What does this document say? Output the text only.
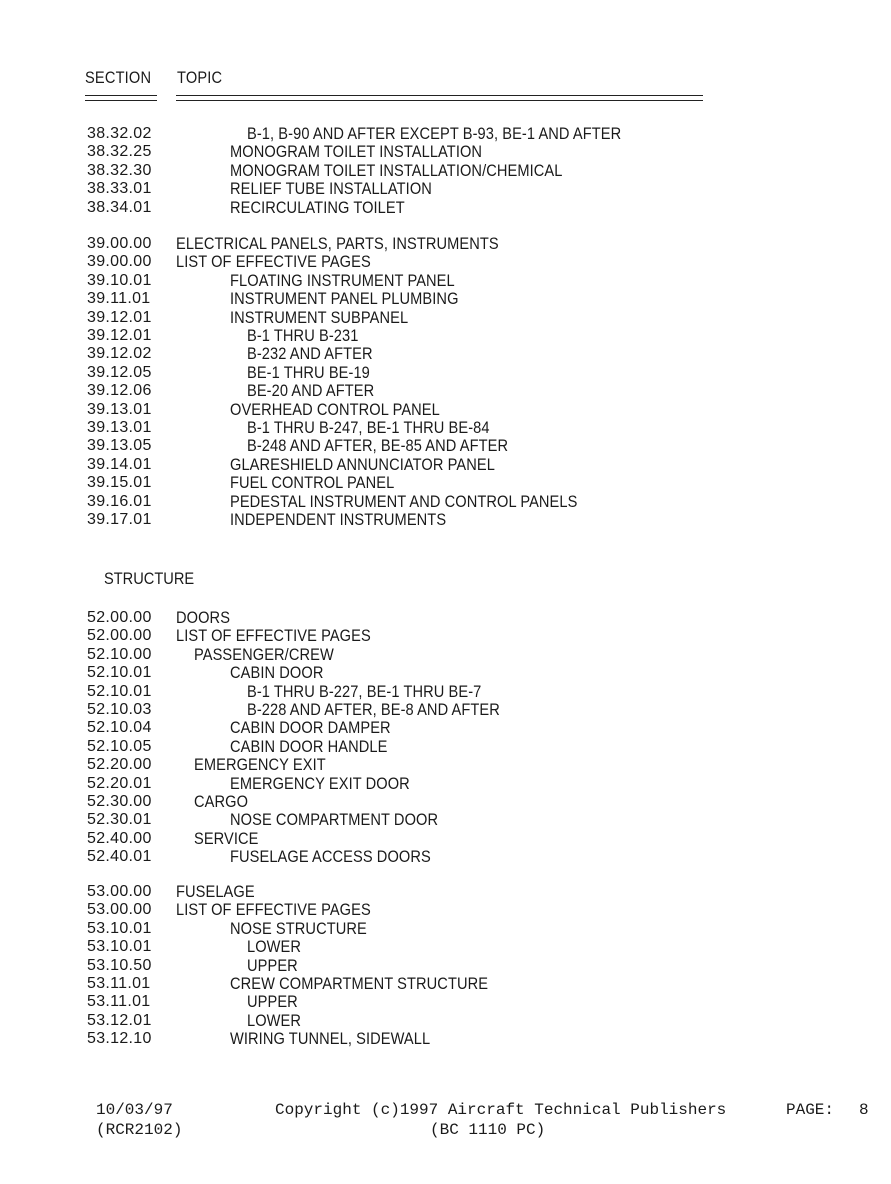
SECTION TOPIC
38.32.02	B-1, B-90 AND AFTER EXCEPT B-93, BE-1 AND AFTER
38.32.25	MONOGRAM TOILET INSTALLATION
38.32.30	MONOGRAM TOILET INSTALLATION/CHEMICAL
38.33.01	RELIEF TUBE INSTALLATION
38.34.01	RECIRCULATING TOILET
39.00.00 ELECTRICAL PANELS, PARTS, INSTRUMENTS
39.00.00 LIST OF EFFECTIVE PAGES
39.10.01	FLOATING INSTRUMENT PANEL
39.11.01	INSTRUMENT PANEL PLUMBING
39.12.01	INSTRUMENT SUBPANEL
39.12.01	B-1 THRU B-231
39.12.02	B-232 AND AFTER
39.12.05	BE-1 THRU BE-19
39.12.06	BE-20 AND AFTER
39.13.01	OVERHEAD CONTROL PANEL
39.13.01	B-1 THRU B-247, BE-1 THRU BE-84
39.13.05	B-248 AND AFTER, BE-85 AND AFTER
39.14.01	GLARESHIELD ANNUNCIATOR PANEL
39.15.01	FUEL CONTROL PANEL
39.16.01	PEDESTAL INSTRUMENT AND CONTROL PANELS
39.17.01	INDEPENDENT INSTRUMENTS
STRUCTURE
52.00.00 DOORS
52.00.00 LIST OF EFFECTIVE PAGES
52.10.00 PASSENGER/CREW
52.10.01	CABIN DOOR
52.10.01	B-1 THRU B-227, BE-1 THRU BE-7
52.10.03	B-228 AND AFTER, BE-8 AND AFTER
52.10.04	CABIN DOOR DAMPER
52.10.05	CABIN DOOR HANDLE
52.20.00 EMERGENCY EXIT
52.20.01	EMERGENCY EXIT DOOR
52.30.00 CARGO
52.30.01	NOSE COMPARTMENT DOOR
52.40.00 SERVICE
52.40.01	FUSELAGE ACCESS DOORS
53.00.00 FUSELAGE
53.00.00 LIST OF EFFECTIVE PAGES
53.10.01	NOSE STRUCTURE
53.10.01	LOWER
53.10.50	UPPER
53.11.01	CREW COMPARTMENT STRUCTURE
53.11.01	UPPER
53.12.01	LOWER
53.12.10	WIRING TUNNEL, SIDEWALL
10/03/97
(RCR2102)
Copyright (c)1997 Aircraft Technical Publishers
(BC 1110 PC)
PAGE: 8
